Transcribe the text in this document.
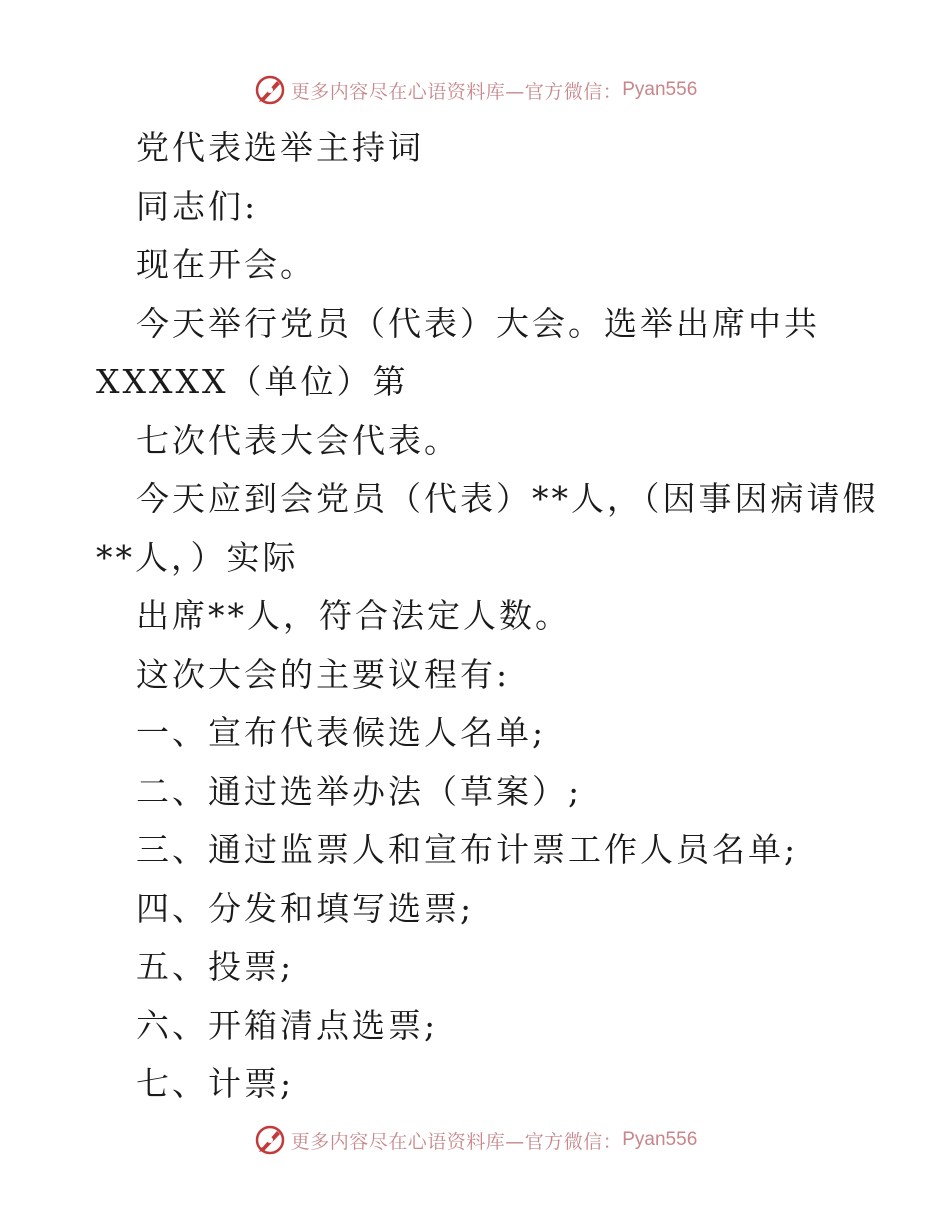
更多内容尽在心语资料库—官方微信： Pyan556
党代表选举主持词
同志们:
现在开会。
今天举行党员（代表）大会。选举出席中共
XXXXX（单位）第
七次代表大会代表。
今天应到会党员（代表）**人，（因事因病请假
**人，）实际
出席**人，符合法定人数。
这次大会的主要议程有:
一、宣布代表候选人名单;
二、通过选举办法（草案）;
三、通过监票人和宣布计票工作人员名单;
四、分发和填写选票;
五、投票;
六、开箱清点选票;
七、计票;
更多内容尽在心语资料库—官方微信： Pyan556
